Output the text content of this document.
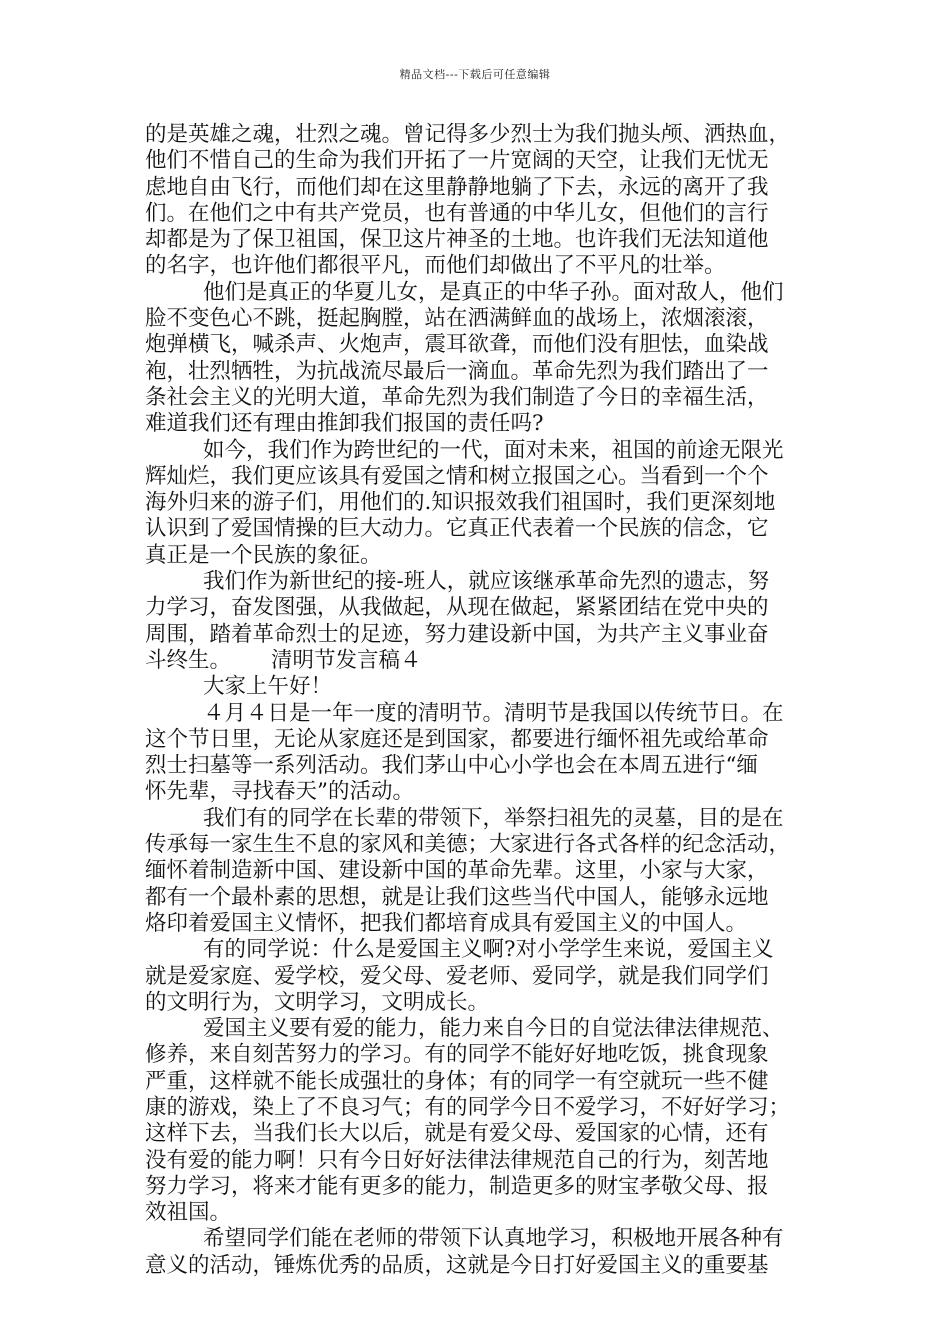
精品文档---下载后可任意编辑
的是英雄之魂，壮烈之魂。曾记得多少烈士为我们抛头颅、洒热血，
他们不惜自己的生命为我们开拓了一片宽阔的天空，让我们无忧无
虑地自由飞行，而他们却在这里静静地躺了下去，永远的离开了我
们。在他们之中有共产党员，也有普通的中华儿女，但他们的言行
却都是为了保卫祖国，保卫这片神圣的土地。也许我们无法知道他
的名字，也许他们都很平凡，而他们却做出了不平凡的壮举。
他们是真正的华夏儿女，是真正的中华子孙。面对敌人，他们
脸不变色心不跳，挺起胸膛，站在洒满鲜血的战场上，浓烟滚滚，
炮弹横飞，喊杀声、火炮声，震耳欲聋，而他们没有胆怯，血染战
袍，壮烈牺牲，为抗战流尽最后一滴血。革命先烈为我们踏出了一
条社会主义的光明大道，革命先烈为我们制造了今日的幸福生活，
难道我们还有理由推卸我们报国的责任吗?
如今，我们作为跨世纪的一代，面对未来，祖国的前途无限光
辉灿烂，我们更应该具有爱国之情和树立报国之心。当看到一个个
海外归来的游子们，用他们的.知识报效我们祖国时，我们更深刻地
认识到了爱国情操的巨大动力。它真正代表着一个民族的信念，它
真正是一个民族的象征。
我们作为新世纪的接-班人，就应该继承革命先烈的遗志，努
力学习，奋发图强，从我做起，从现在做起，紧紧团结在党中央的
周围，踏着革命烈士的足迹，努力建设新中国，为共产主义事业奋
斗终生。 清明节发言稿４
大家上午好！
４月４日是一年一度的清明节。清明节是我国以传统节日。在
这个节日里，无论从家庭还是到国家，都要进行缅怀祖先或给革命
烈士扫墓等一系列活动。我们茅山中心小学也会在本周五进行“缅
怀先辈，寻找春天”的活动。
我们有的同学在长辈的带领下，举祭扫祖先的灵墓，目的是在
传承每一家生生不息的家风和美德；大家进行各式各样的纪念活动，
缅怀着制造新中国、建设新中国的革命先辈。这里，小家与大家，
都有一个最朴素的思想，就是让我们这些当代中国人，能够永远地
烙印着爱国主义情怀，把我们都培育成具有爱国主义的中国人。
有的同学说：什么是爱国主义啊?对小学学生来说，爱国主义
就是爱家庭、爱学校，爱父母、爱老师、爱同学，就是我们同学们
的文明行为，文明学习，文明成长。
爱国主义要有爱的能力，能力来自今日的自觉法律法律规范、
修养，来自刻苦努力的学习。有的同学不能好好地吃饭，挑食现象
严重，这样就不能长成强壮的身体；有的同学一有空就玩一些不健
康的游戏，染上了不良习气；有的同学今日不爱学习，不好好学习；
这样下去，当我们长大以后，就是有爱父母、爱国家的心情，还有
没有爱的能力啊！只有今日好好法律法律规范自己的行为，刻苦地
努力学习，将来才能有更多的能力，制造更多的财宝孝敬父母、报
效祖国。
希望同学们能在老师的带领下认真地学习，积极地开展各种有
意义的活动，锤炼优秀的品质，这就是今日打好爱国主义的重要基
